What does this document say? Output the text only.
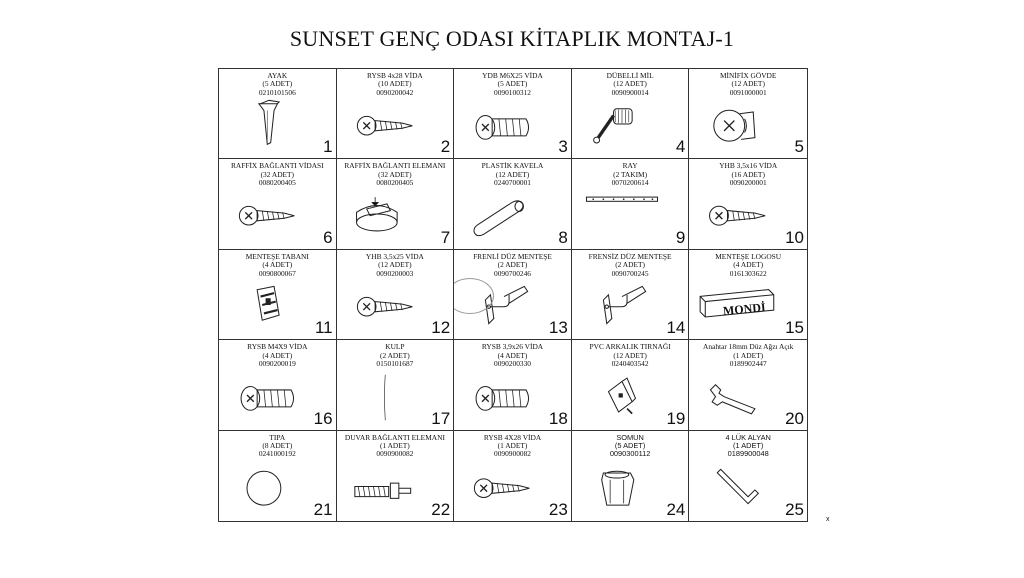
SUNSET GENÇ ODASI KİTAPLIK MONTAJ-1
AYAK
(5 ADET)
0210101506
1
RYSB 4x28 VİDA
(10 ADET)
0090200042
2
YDB M6X25 VİDA
(5 ADET)
0090100312
3
DÜBELLİ MİL
(12 ADET)
0090900014
4
MİNİFİX GÖVDE
(12 ADET)
0091000001
5
RAFFİX BAĞLANTI VİDASI
(32 ADET)
0080200405
6
RAFFİX BAĞLANTI ELEMANI
(32 ADET)
0080200405
7
PLASTİK KAVELA
(12 ADET)
0240700001
8
RAY
(2 TAKIM)
0070200614
9
YHB 3,5x16 VİDA
(16 ADET)
0090200001
10
MENTEŞE TABANI
(4 ADET)
0090800067
11
YHB 3,5x25 VİDA
(12 ADET)
0090200003
12
FRENLİ DÜZ MENTEŞE
(2 ADET)
0090700246
13
FRENSİZ DÜZ MENTEŞE
(2 ADET)
0090700245
14
MENTEŞE LOGOSU
(4 ADET)
0161303622
15
MONDİ
RYSB M4X9 VİDA
(4 ADET)
0090200019
16
KULP
(2 ADET)
0150101687
17
RYSB 3,9x26 VİDA
(4 ADET)
0090200330
18
PVC ARKALIK TIRNAĞI
(12 ADET)
0240403542
19
Anahtar 18mm Düz Ağzı Açık
(1 ADET)
0189902447
20
TIPA
(8 ADET)
0241000192
21
DUVAR BAĞLANTI ELEMANI
(1 ADET)
0090900082
22
RYSB 4X28 VİDA
(1 ADET)
0090900082
23
SOMUN
(5 ADET)
0090300112
24
4 LÜK ALYAN
(1 ADET)
0189900048
25
x
